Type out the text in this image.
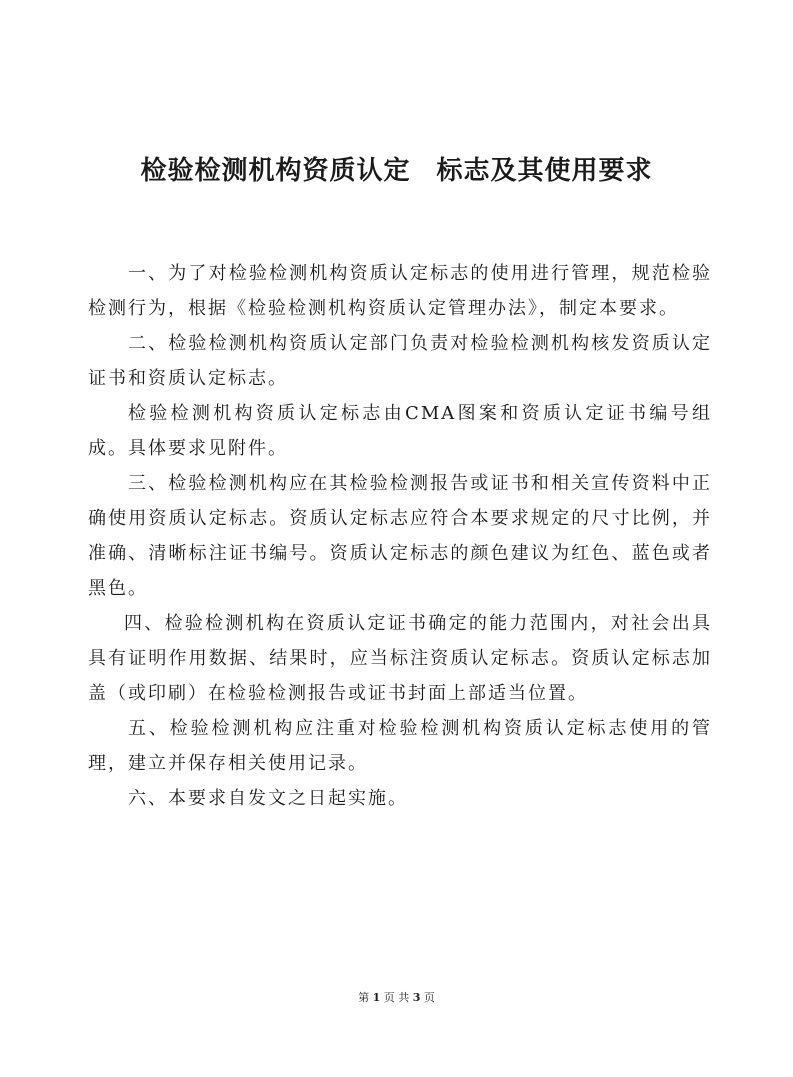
检验检测机构资质认定 标志及其使用要求

一、为了对检验检测机构资质认定标志的使用进行管理，规范检验检测行为，根据《检验检测机构资质认定管理办法》，制定本要求。

二、检验检测机构资质认定部门负责对检验检测机构核发资质认定证书和资质认定标志。

检验检测机构资质认定标志由CMA图案和资质认定证书编号组成。具体要求见附件。

三、检验检测机构应在其检验检测报告或证书和相关宣传资料中正确使用资质认定标志。资质认定标志应符合本要求规定的尺寸比例，并准确、清晰标注证书编号。资质认定标志的颜色建议为红色、蓝色或者黑色。

四、检验检测机构在资质认定证书确定的能力范围内，对社会出具具有证明作用数据、结果时，应当标注资质认定标志。资质认定标志加盖（或印刷）在检验检测报告或证书封面上部适当位置。

五、检验检测机构应注重对检验检测机构资质认定标志使用的管理，建立并保存相关使用记录。

六、本要求自发文之日起实施。

第 1 页 共 3 页
